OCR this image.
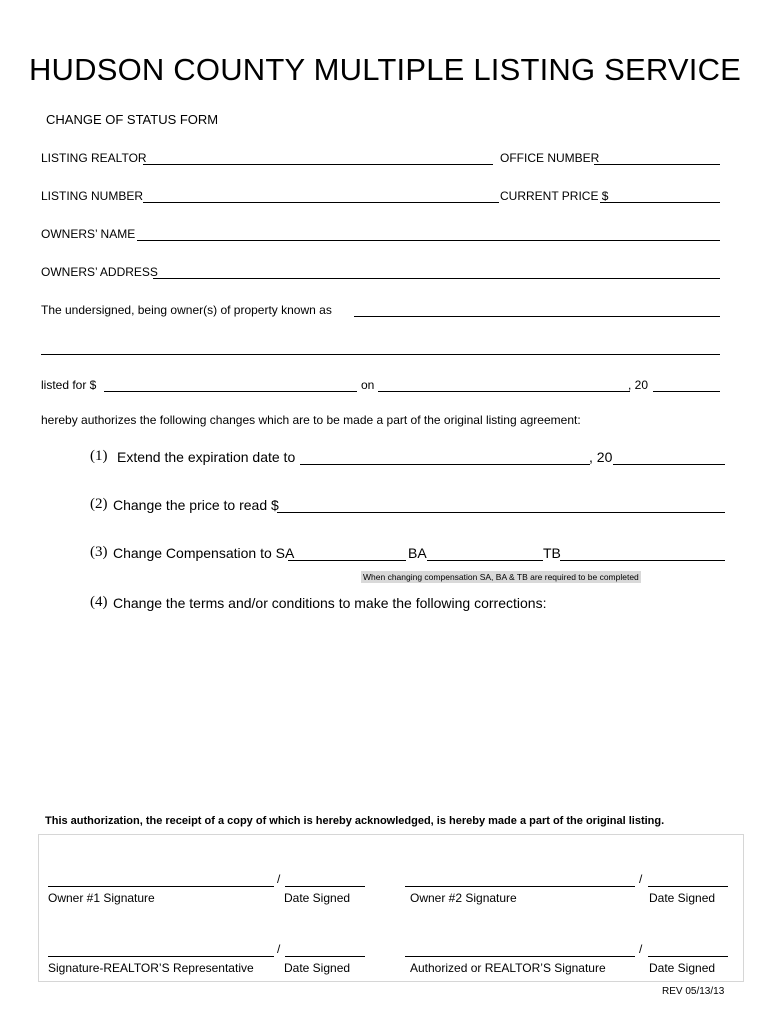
HUDSON COUNTY MULTIPLE LISTING SERVICE
CHANGE OF STATUS FORM
LISTING REALTOR	OFFICE NUMBER
LISTING NUMBER	CURRENT PRICE $
OWNERS’ NAME
OWNERS’ ADDRESS
The undersigned, being owner(s) of property known as
listed for $	on	, 20
hereby authorizes the following changes which are to be made a part of the original listing agreement:
(1) Extend the expiration date to	, 20
(2) Change the price to read $
(3) Change Compensation to SA	BA	TB
When changing compensation SA, BA & TB are required to be completed
(4) Change the terms and/or conditions to make the following corrections:
This authorization, the receipt of a copy of which is hereby acknowledged, is hereby made a part of the original listing.
/
Owner #1 Signature	Date Signed
/
Owner #2 Signature	Date Signed
/
Signature-REALTOR’S Representative	Date Signed
/
Authorized or REALTOR’S Signature	Date Signed
REV 05/13/13
